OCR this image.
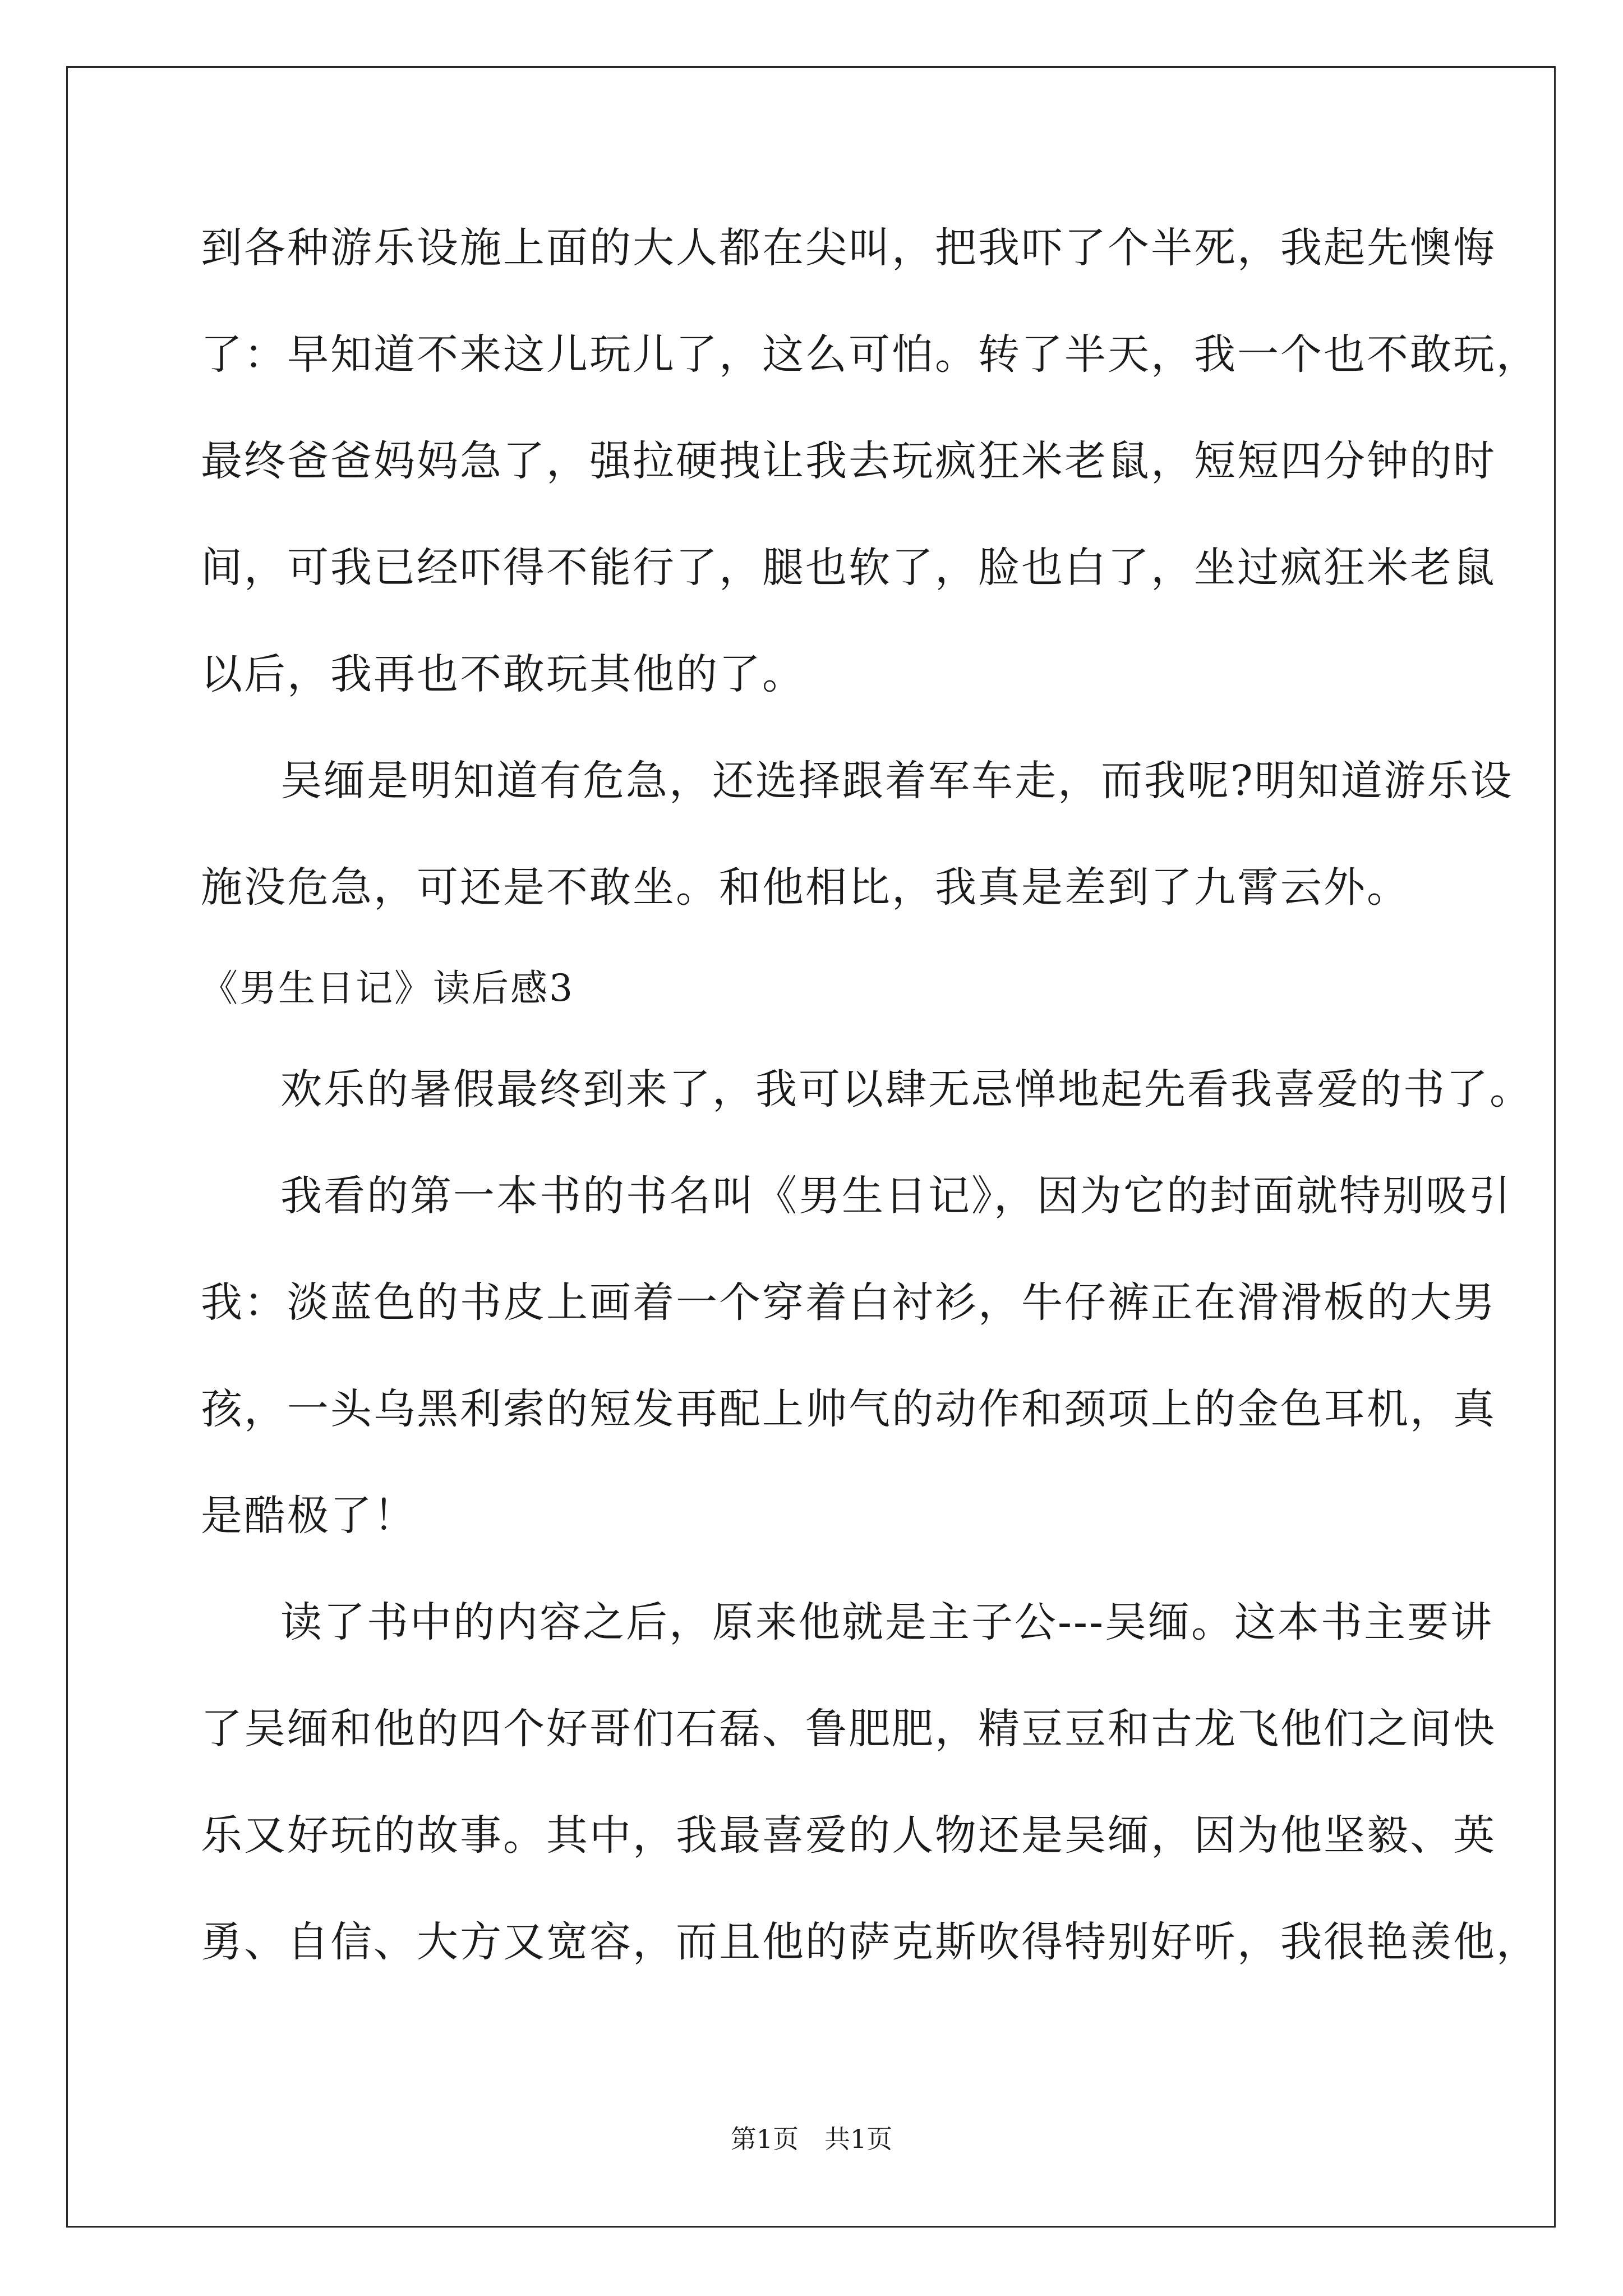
到各种游乐设施上面的大人都在尖叫，把我吓了个半死，我起先懊悔
了：早知道不来这儿玩儿了，这么可怕。转了半天，我一个也不敢玩，
最终爸爸妈妈急了，强拉硬拽让我去玩疯狂米老鼠，短短四分钟的时
间，可我已经吓得不能行了，腿也软了，脸也白了，坐过疯狂米老鼠
以后，我再也不敢玩其他的了。
吴缅是明知道有危急，还选择跟着军车走，而我呢?明知道游乐设
施没危急，可还是不敢坐。和他相比，我真是差到了九霄云外。
《男生日记》读后感3
欢乐的暑假最终到来了，我可以肆无忌惮地起先看我喜爱的书了。
我看的第一本书的书名叫《男生日记》，因为它的封面就特别吸引
我：淡蓝色的书皮上画着一个穿着白衬衫，牛仔裤正在滑滑板的大男
孩，一头乌黑利索的短发再配上帅气的动作和颈项上的金色耳机，真
是酷极了！
读了书中的内容之后，原来他就是主子公---吴缅。这本书主要讲
了吴缅和他的四个好哥们石磊、鲁肥肥，精豆豆和古龙飞他们之间快
乐又好玩的故事。其中，我最喜爱的人物还是吴缅，因为他坚毅、英
勇、自信、大方又宽容，而且他的萨克斯吹得特别好听，我很艳羡他，
第1页　共1页
